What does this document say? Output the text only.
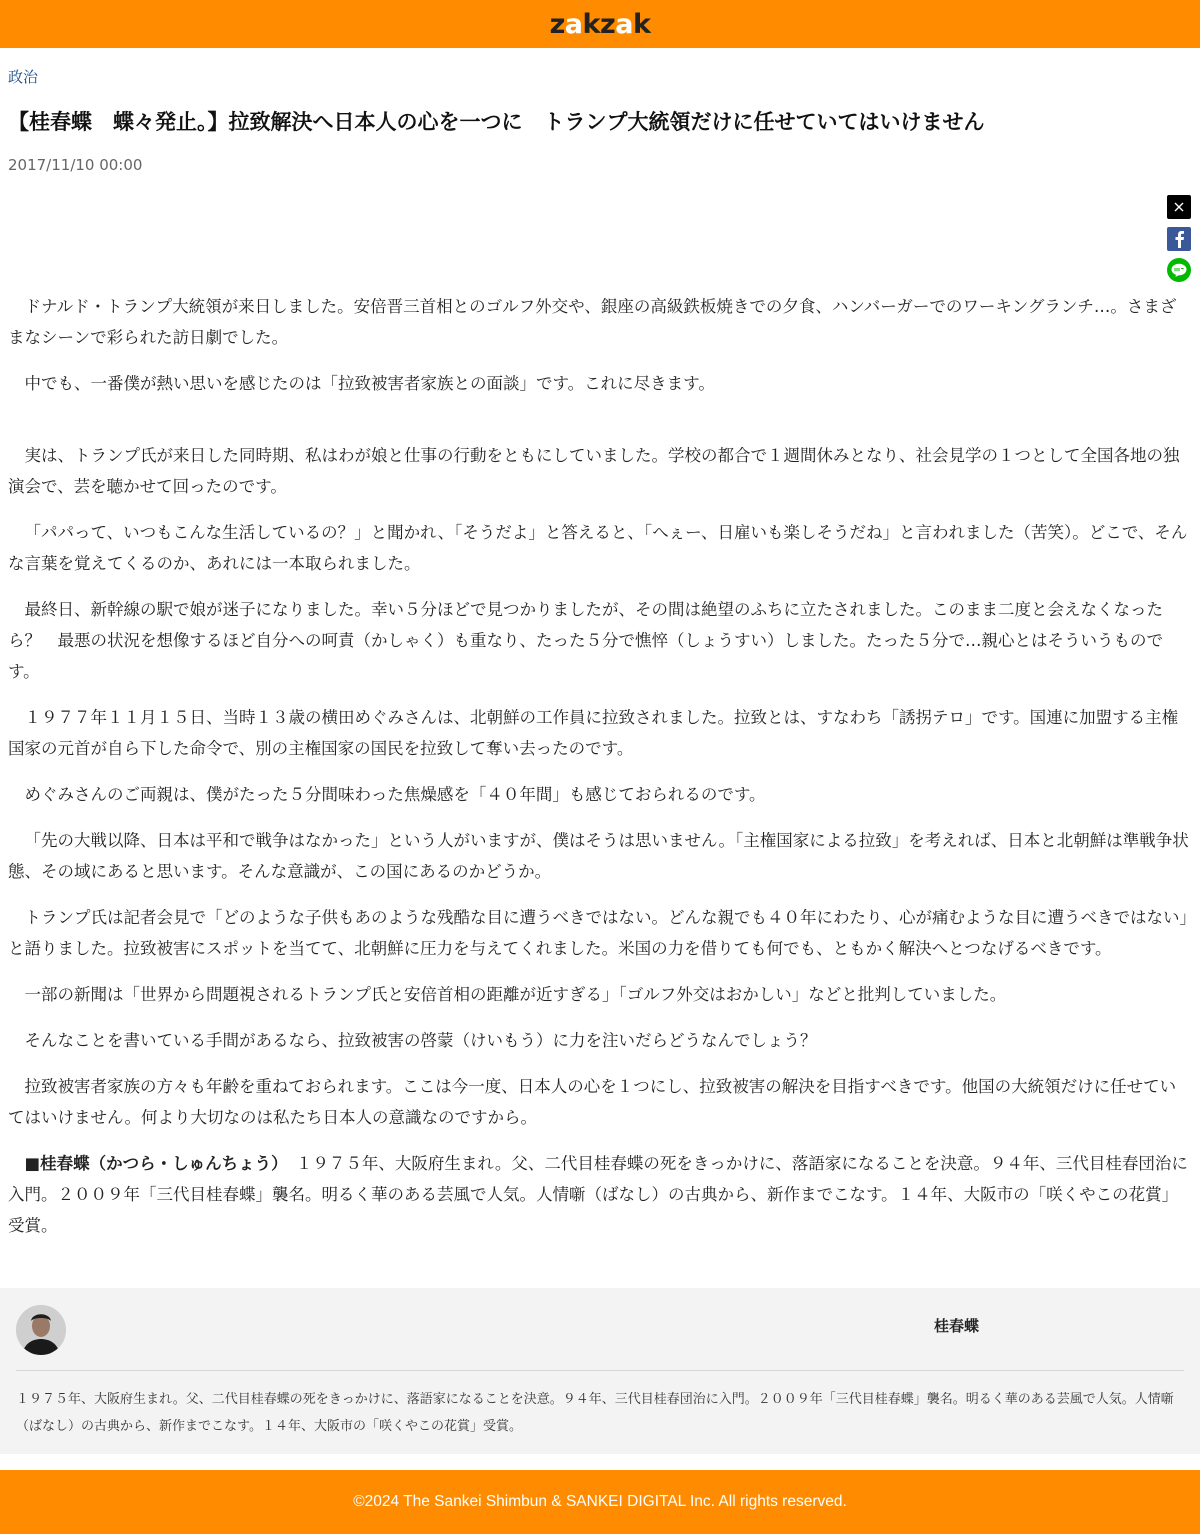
zakzak
政治
【桂春蝶　蝶々発止。】拉致解決へ日本人の心を一つに　トランプ大統領だけに任せていてはいけません
2017/11/10 00:00

ドナルド・トランプ大統領が来日しました。安倍晋三首相とのゴルフ外交や、銀座の高級鉄板焼きでの夕食、ハンバーガーでのワーキングランチ…。さまざまなシーンで彩られた訪日劇でした。

中でも、一番僕が熱い思いを感じたのは「拉致被害者家族との面談」です。これに尽きます。

実は、トランプ氏が来日した同時期、私はわが娘と仕事の行動をともにしていました。学校の都合で１週間休みとなり、社会見学の１つとして全国各地の独演会で、芸を聴かせて回ったのです。

「パパって、いつもこんな生活しているの？」と聞かれ、「そうだよ」と答えると、「へぇー、日雇いも楽しそうだね」と言われました（苦笑）。どこで、そんな言葉を覚えてくるのか、あれには一本取られました。

最終日、新幹線の駅で娘が迷子になりました。幸い５分ほどで見つかりましたが、その間は絶望のふちに立たされました。このまま二度と会えなくなったら？　最悪の状況を想像するほど自分への呵責（かしゃく）も重なり、たった５分で憔悴（しょうすい）しました。たった５分で…親心とはそういうものです。

１９７７年１１月１５日、当時１３歳の横田めぐみさんは、北朝鮮の工作員に拉致されました。拉致とは、すなわち「誘拐テロ」です。国連に加盟する主権国家の元首が自ら下した命令で、別の主権国家の国民を拉致して奪い去ったのです。

めぐみさんのご両親は、僕がたった５分間味わった焦燥感を「４０年間」も感じておられるのです。

「先の大戦以降、日本は平和で戦争はなかった」という人がいますが、僕はそうは思いません。「主権国家による拉致」を考えれば、日本と北朝鮮は準戦争状態、その域にあると思います。そんな意識が、この国にあるのかどうか。

トランプ氏は記者会見で「どのような子供もあのような残酷な目に遭うべきではない。どんな親でも４０年にわたり、心が痛むような目に遭うべきではない」と語りました。拉致被害にスポットを当てて、北朝鮮に圧力を与えてくれました。米国の力を借りても何でも、ともかく解決へとつなげるべきです。

一部の新聞は「世界から問題視されるトランプ氏と安倍首相の距離が近すぎる」「ゴルフ外交はおかしい」などと批判していました。

そんなことを書いている手間があるなら、拉致被害の啓蒙（けいもう）に力を注いだらどうなんでしょう？

拉致被害者家族の方々も年齢を重ねておられます。ここは今一度、日本人の心を１つにし、拉致被害の解決を目指すべきです。他国の大統領だけに任せていてはいけません。何より大切なのは私たち日本人の意識なのですから。

■桂春蝶（かつら・しゅんちょう）　 １９７５年、大阪府生まれ。父、二代目桂春蝶の死をきっかけに、落語家になることを決意。９４年、三代目桂春団治に入門。２００９年「三代目桂春蝶」襲名。明るく華のある芸風で人気。人情噺（ばなし）の古典から、新作までこなす。１４年、大阪市の「咲くやこの花賞」受賞。

桂春蝶

１９７５年、大阪府生まれ。父、二代目桂春蝶の死をきっかけに、落語家になることを決意。９４年、三代目桂春団治に入門。２００９年「三代目桂春蝶」襲名。明るく華のある芸風で人気。人情噺（ばなし）の古典から、新作までこなす。１４年、大阪市の「咲くやこの花賞」受賞。

©2024 The Sankei Shimbun & SANKEI DIGITAL Inc. All rights reserved.
